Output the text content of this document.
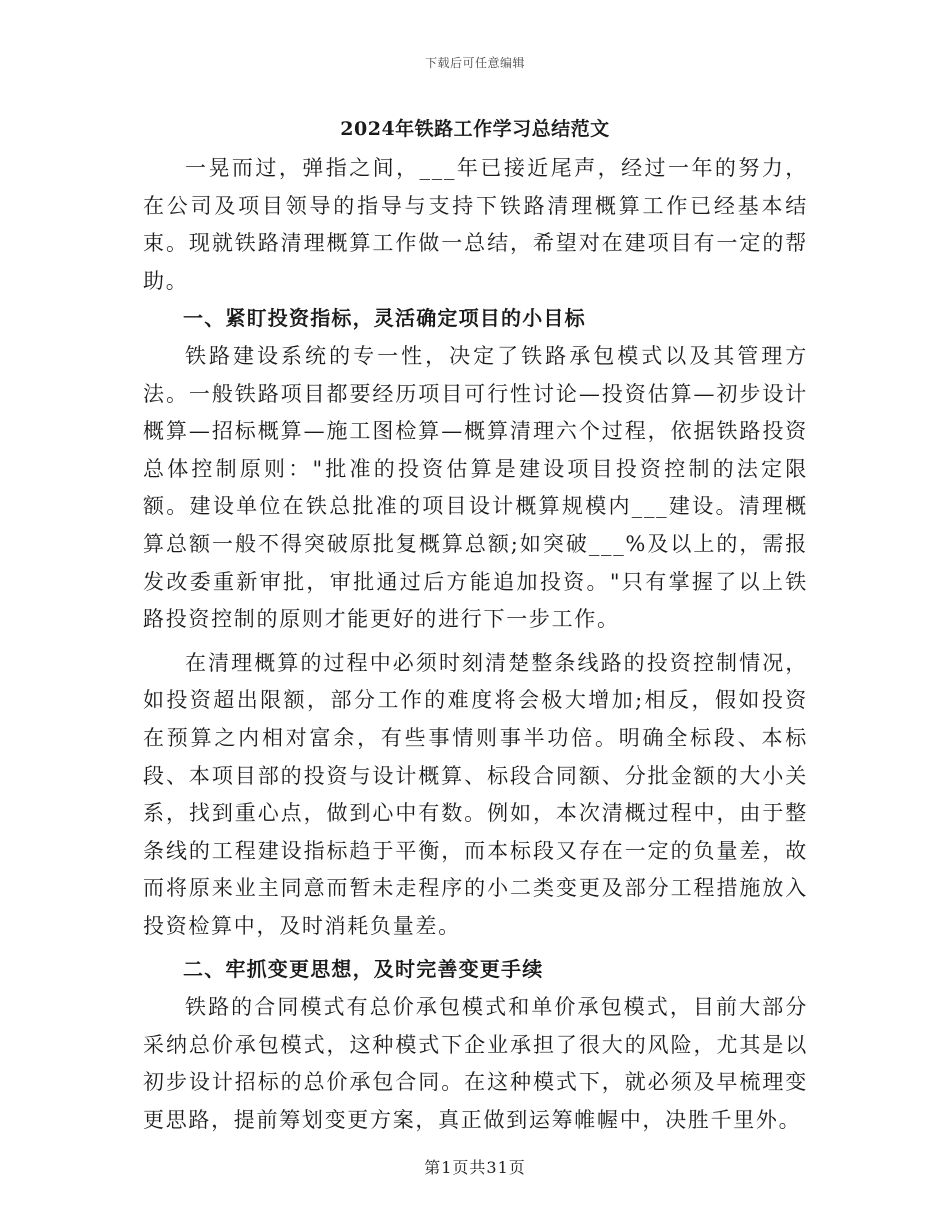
下载后可任意编辑
2024年铁路工作学习总结范文

一晃而过，弹指之间，___年已接近尾声，经过一年的努力，在公司及项目领导的指导与支持下铁路清理概算工作已经基本结束。现就铁路清理概算工作做一总结，希望对在建项目有一定的帮助。

一、紧盯投资指标，灵活确定项目的小目标

铁路建设系统的专一性，决定了铁路承包模式以及其管理方法。一般铁路项目都要经历项目可行性讨论—投资估算—初步设计概算—招标概算—施工图检算—概算清理六个过程，依据铁路投资总体控制原则："批准的投资估算是建设项目投资控制的法定限额。建设单位在铁总批准的项目设计概算规模内___建设。清理概算总额一般不得突破原批复概算总额;如突破___%及以上的，需报发改委重新审批，审批通过后方能追加投资。"只有掌握了以上铁路投资控制的原则才能更好的进行下一步工作。

在清理概算的过程中必须时刻清楚整条线路的投资控制情况，如投资超出限额，部分工作的难度将会极大增加;相反，假如投资在预算之内相对富余，有些事情则事半功倍。明确全标段、本标段、本项目部的投资与设计概算、标段合同额、分批金额的大小关系，找到重心点，做到心中有数。例如，本次清概过程中，由于整条线的工程建设指标趋于平衡，而本标段又存在一定的负量差，故而将原来业主同意而暂未走程序的小二类变更及部分工程措施放入投资检算中，及时消耗负量差。

二、牢抓变更思想，及时完善变更手续

铁路的合同模式有总价承包模式和单价承包模式，目前大部分采纳总价承包模式，这种模式下企业承担了很大的风险，尤其是以初步设计招标的总价承包合同。在这种模式下，就必须及早梳理变更思路，提前筹划变更方案，真正做到运筹帷幄中，决胜千里外。

第1页共31页
